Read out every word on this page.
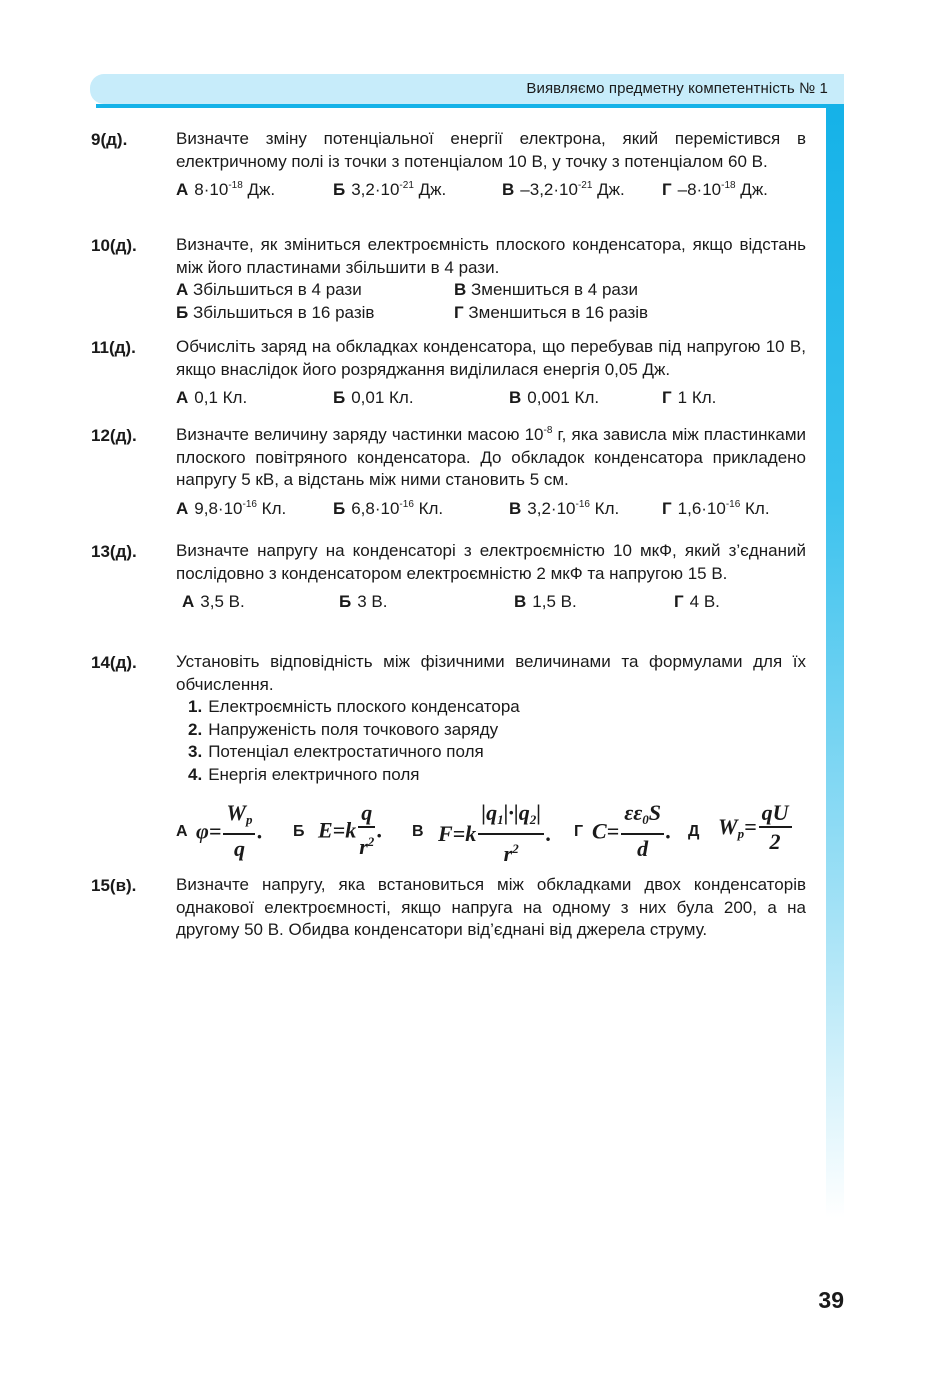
Виявляємо предметну компетентність № 1
9(д).	Визначте зміну потенціальної енергії електрона, який перемістився в електричному полі із точки з потенціалом 10 В, у точку з потенціалом 60 В.
А $8\cdot 10^{-18}$ Дж.	Б $3,2\cdot 10^{-21}$ Дж.	В $-3,2\cdot 10^{-21}$ Дж. Г $-8\cdot 10^{-18}$ Дж.
10(д). Визначте, як зміниться електроємність плоского конденсатора, якщо відстань між його пластинами збільшити в 4 рази.
А Збільшиться в 4 рази	В Зменшиться в 4 рази
Б Збільшиться в 16 разів	Г Зменшиться в 16 разів
11(д). Обчисліть заряд на обкладках конденсатора, що перебував під напругою 10 В, якщо внаслідок його розряджання виділилася енергія 0,05 Дж.
А 0,1 Кл.	Б 0,01 Кл.	В 0,001 Кл.	Г 1 Кл.
12(д). Визначте величину заряду частинки масою $10^{-8}$ г, яка зависла між пластинками плоского повітряного конденсатора. До обкладок конденсатора прикладено напругу 5 кВ, а відстань між ними становить 5 см.
А $9,8\cdot 10^{-16}$ Кл.	Б $6,8\cdot 10^{-16}$ Кл.	В $3,2\cdot 10^{-16}$ Кл.	Г $1,6\cdot 10^{-16}$ Кл.
13(д). Визначте напругу на конденсаторі з електроємністю 10 мкФ, який з’єднаний послідовно з конденсатором електроємністю 2 мкФ та напругою 15 В.
А 3,5 В.	Б 3 В.	В 1,5 В.	Г 4 В.
14(д). Установіть відповідність між фізичними величинами та формулами для їх обчислення.
1. Електроємність плоского конденсатора
2. Напруженість поля точкового заряду
3. Потенціал електростатичного поля
4. Енергія електричного поля
А $\varphi= \frac{W_p}{q}$ . Б $E=k \frac{q}{r^2}$ . В $F=k \frac{|q_1|\cdot|q_2|}{r^2}$ . Г $C= \frac{\varepsilon\varepsilon_0S}{d}$ . Д $W_p= \frac{qU}{2}$
15(в). Визначте напругу, яка встановиться між обкладками двох конденсаторів однакової електроємності, якщо напруга на одному з них була 200, а на другому 50 В. Обидва конденсатори від’єднані від джерела струму.
39
